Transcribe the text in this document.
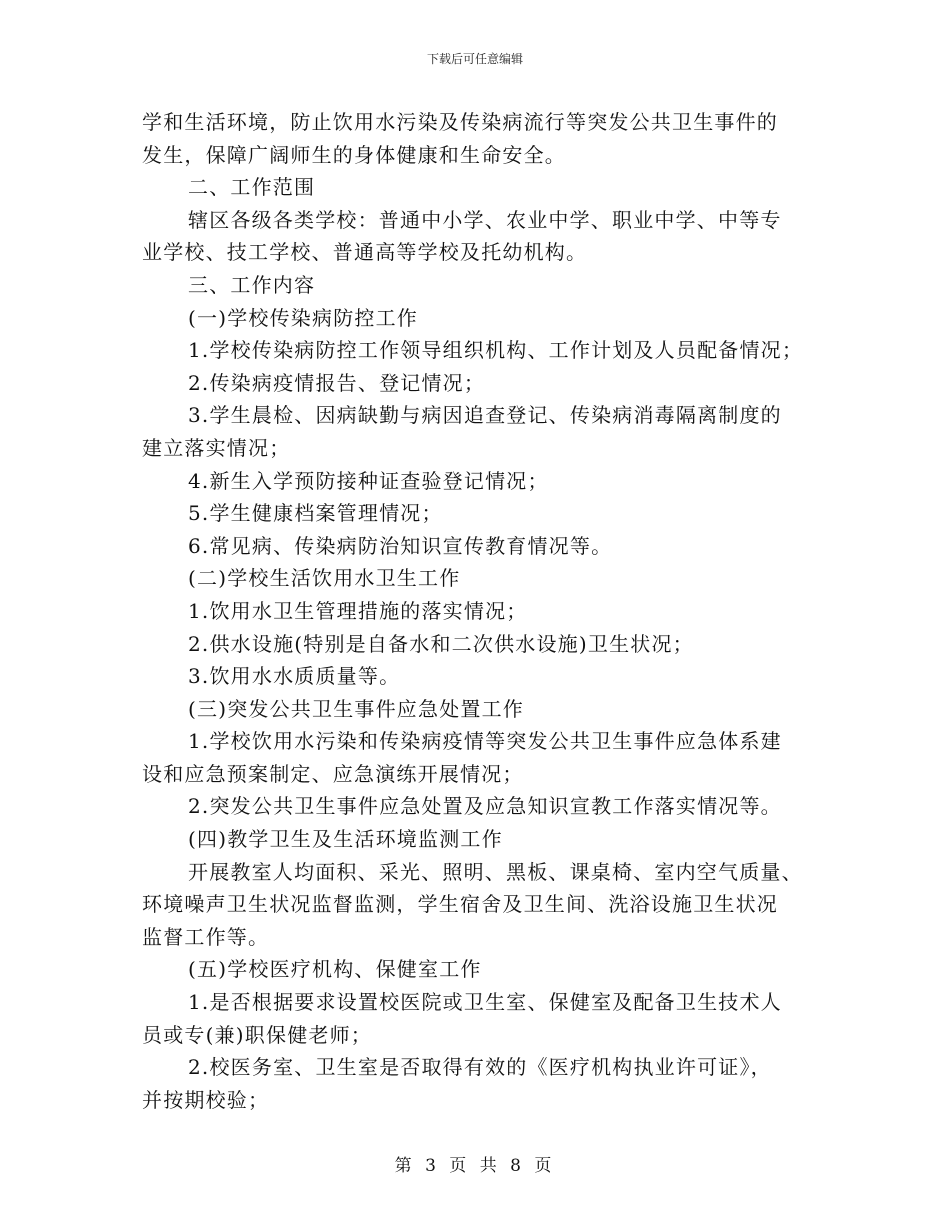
下载后可任意编辑

学和生活环境，防止饮用水污染及传染病流行等突发公共卫生事件的

发生，保障广阔师生的身体健康和生命安全。

二、工作范围

辖区各级各类学校：普通中小学、农业中学、职业中学、中等专

业学校、技工学校、普通高等学校及托幼机构。

三、工作内容

(一)学校传染病防控工作

1.学校传染病防控工作领导组织机构、工作计划及人员配备情况；

2.传染病疫情报告、登记情况；

3.学生晨检、因病缺勤与病因追查登记、传染病消毒隔离制度的

建立落实情况；

4.新生入学预防接种证查验登记情况；

5.学生健康档案管理情况；

6.常见病、传染病防治知识宣传教育情况等。

(二)学校生活饮用水卫生工作

1.饮用水卫生管理措施的落实情况；

2.供水设施(特别是自备水和二次供水设施)卫生状况；

3.饮用水水质质量等。

(三)突发公共卫生事件应急处置工作

1.学校饮用水污染和传染病疫情等突发公共卫生事件应急体系建

设和应急预案制定、应急演练开展情况；

2.突发公共卫生事件应急处置及应急知识宣教工作落实情况等。

(四)教学卫生及生活环境监测工作

开展教室人均面积、采光、照明、黑板、课桌椅、室内空气质量、

环境噪声卫生状况监督监测，学生宿舍及卫生间、洗浴设施卫生状况

监督工作等。

(五)学校医疗机构、保健室工作

1.是否根据要求设置校医院或卫生室、保健室及配备卫生技术人

员或专(兼)职保健老师；

2.校医务室、卫生室是否取得有效的《医疗机构执业许可证》，

并按期校验；

第 3 页 共 8 页
